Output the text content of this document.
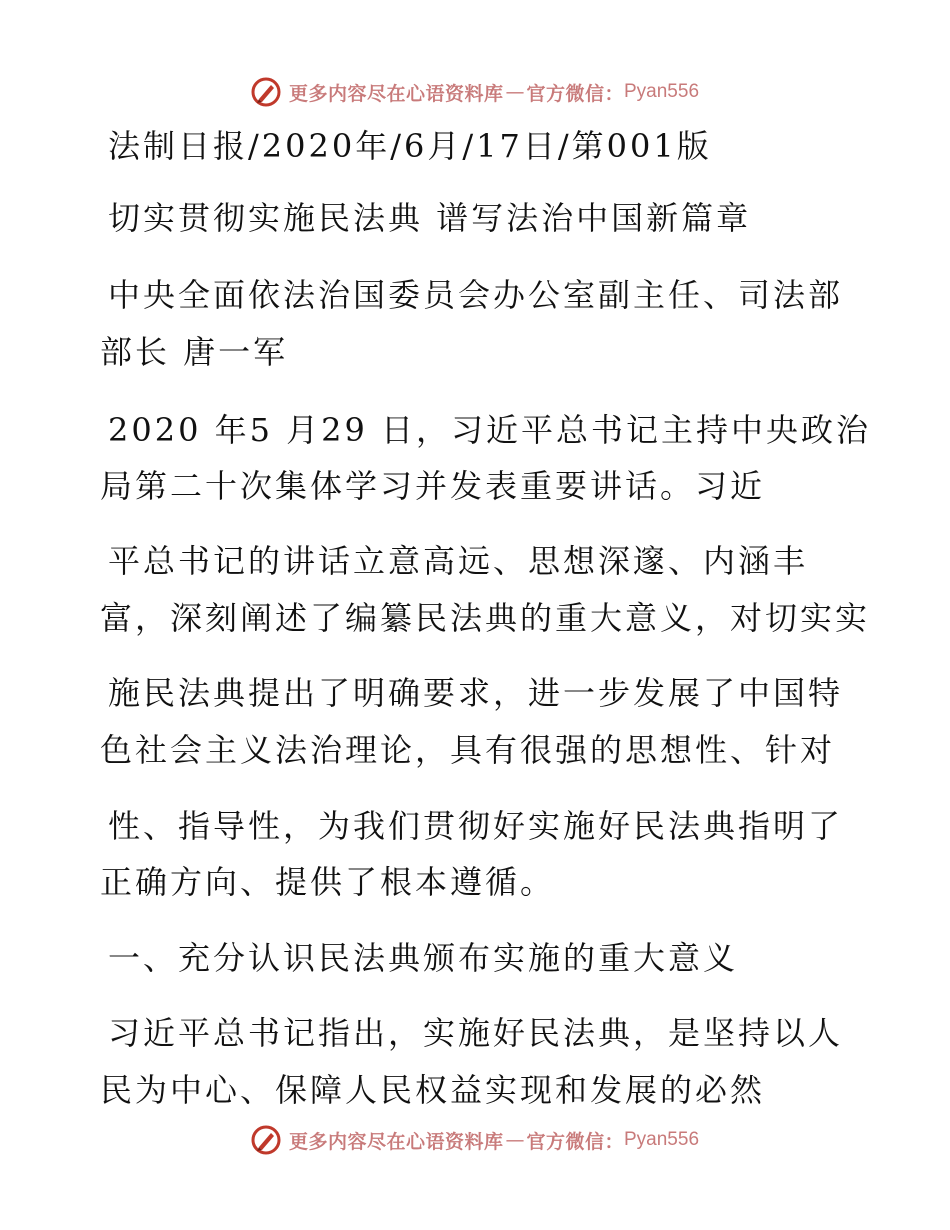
更多内容尽在心语资料库 — 官方微信： Pyan556
法制日报/2020年/6月/17日/第001版
切实贯彻实施民法典 谱写法治中国新篇章
中央全面依法治国委员会办公室副主任、司法部
部长 唐一军
2020 年5 月29 日，习近平总书记主持中央政治
局第二十次集体学习并发表重要讲话。习近
平总书记的讲话立意高远、思想深邃、内涵丰
富，深刻阐述了编纂民法典的重大意义，对切实实
施民法典提出了明确要求，进一步发展了中国特
色社会主义法治理论，具有很强的思想性、针对
性、指导性，为我们贯彻好实施好民法典指明了
正确方向、提供了根本遵循。
一、充分认识民法典颁布实施的重大意义
习近平总书记指出，实施好民法典，是坚持以人
民为中心、保障人民权益实现和发展的必然
更多内容尽在心语资料库 — 官方微信： Pyan556
